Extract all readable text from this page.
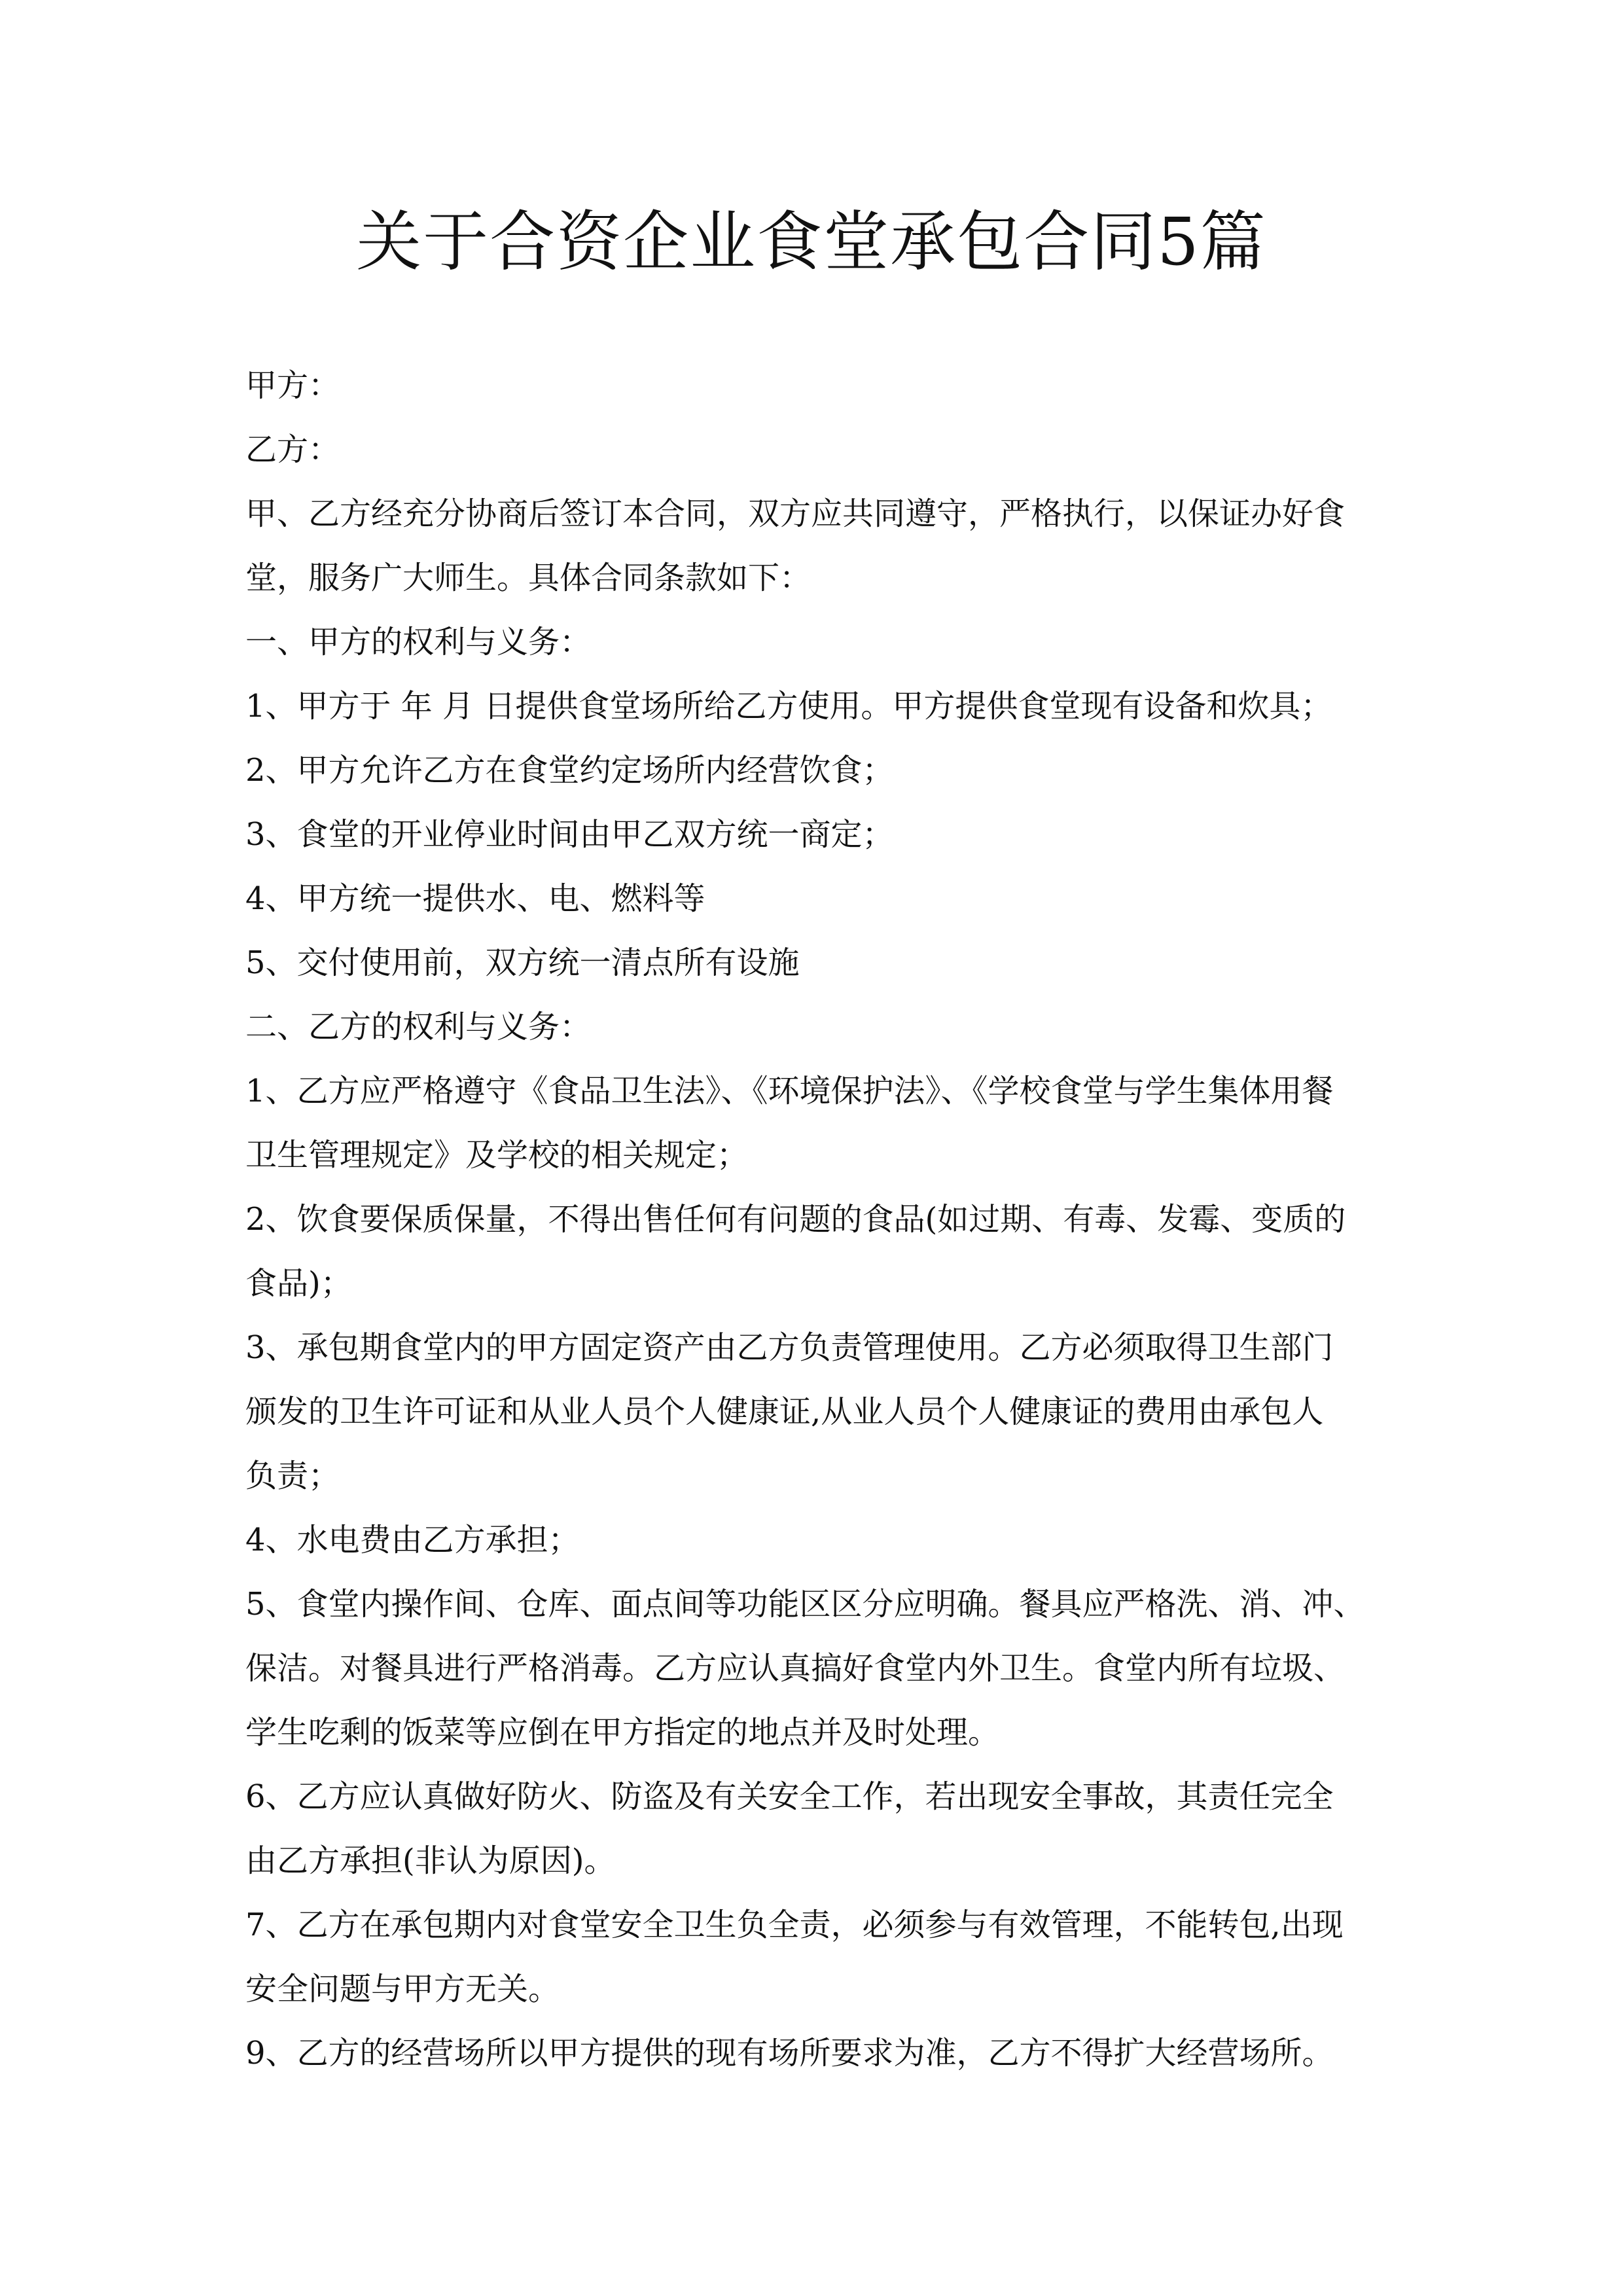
关于合资企业食堂承包合同5篇
甲方：
乙方：
甲、乙方经充分协商后签订本合同，双方应共同遵守，严格执行，以保证办好食
堂，服务广大师生。具体合同条款如下：
一、甲方的权利与义务：
1、甲方于 年 月 日提供食堂场所给乙方使用。甲方提供食堂现有设备和炊具；
2、甲方允许乙方在食堂约定场所内经营饮食；
3、食堂的开业停业时间由甲乙双方统一商定；
4、甲方统一提供水、电、燃料等
5、交付使用前，双方统一清点所有设施
二、乙方的权利与义务：
1、乙方应严格遵守《食品卫生法》、《环境保护法》、《学校食堂与学生集体用餐
卫生管理规定》及学校的相关规定；
2、饮食要保质保量，不得出售任何有问题的食品(如过期、有毒、发霉、变质的
食品)；
3、承包期食堂内的甲方固定资产由乙方负责管理使用。乙方必须取得卫生部门
颁发的卫生许可证和从业人员个人健康证,从业人员个人健康证的费用由承包人
负责；
4、水电费由乙方承担；
5、食堂内操作间、仓库、面点间等功能区区分应明确。餐具应严格洗、消、冲、
保洁。对餐具进行严格消毒。乙方应认真搞好食堂内外卫生。食堂内所有垃圾、
学生吃剩的饭菜等应倒在甲方指定的地点并及时处理。
6、乙方应认真做好防火、防盗及有关安全工作，若出现安全事故，其责任完全
由乙方承担(非认为原因)。
7、乙方在承包期内对食堂安全卫生负全责，必须参与有效管理，不能转包,出现
安全问题与甲方无关。
9、乙方的经营场所以甲方提供的现有场所要求为准，乙方不得扩大经营场所。
